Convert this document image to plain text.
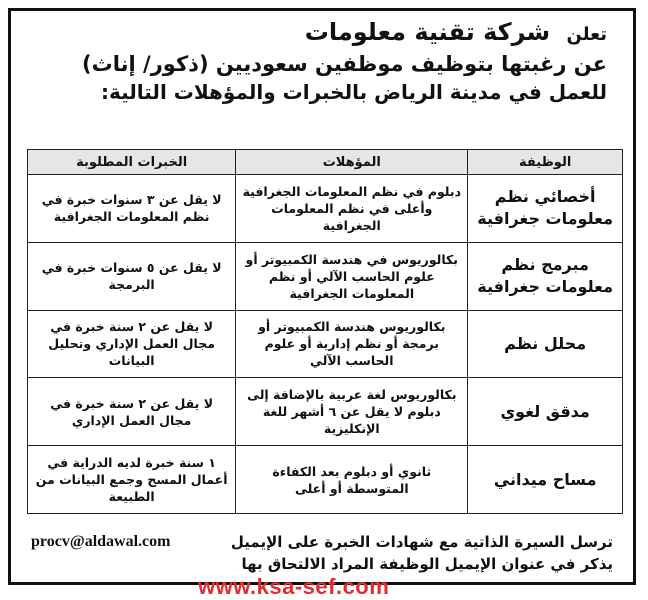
تعلن شركة تقنية معلومات
عن رغبتها بتوظيف موظفين سعوديين (ذكور/ إناث)
للعمل في مدينة الرياض بالخبرات والمؤهلات التالية:
الوظيفة	المؤهلات	الخبرات المطلوبة
أخصائي نظم معلومات جغرافية	دبلوم في نظم المعلومات الجغرافية وأعلى في نظم المعلومات الجغرافية	لا يقل عن ٣ سنوات خبرة في نظم المعلومات الجغرافية
مبرمج نظم معلومات جغرافية	بكالوريوس في هندسة الكمبيوتر أو علوم الحاسب الآلي أو نظم المعلومات الجغرافية	لا يقل عن ٥ سنوات خبرة في البرمجة
محلل نظم	بكالوريوس هندسة الكمبيوتر أو برمجة أو نظم إدارية أو علوم الحاسب الآلي	لا يقل عن ٢ سنة خبرة في مجال العمل الإداري وتحليل البيانات
مدقق لغوي	بكالوريوس لغة عربية بالإضافة إلى دبلوم لا يقل عن ٦ أشهر للغة الإنكليزية	لا يقل عن ٢ سنة خبرة في مجال العمل الإداري
مساح ميداني	ثانوي أو دبلوم بعد الكفاءة المتوسطة أو أعلى	١ سنة خبرة لديه الدراية في أعمال المسح وجمع البيانات من الطبيعة
ترسل السيرة الذاتية مع شهادات الخبرة على الإيميل
procv@aldawal.com
يذكر في عنوان الإيميل الوظيفة المراد الالتحاق بها
www.ksa-sef.com
